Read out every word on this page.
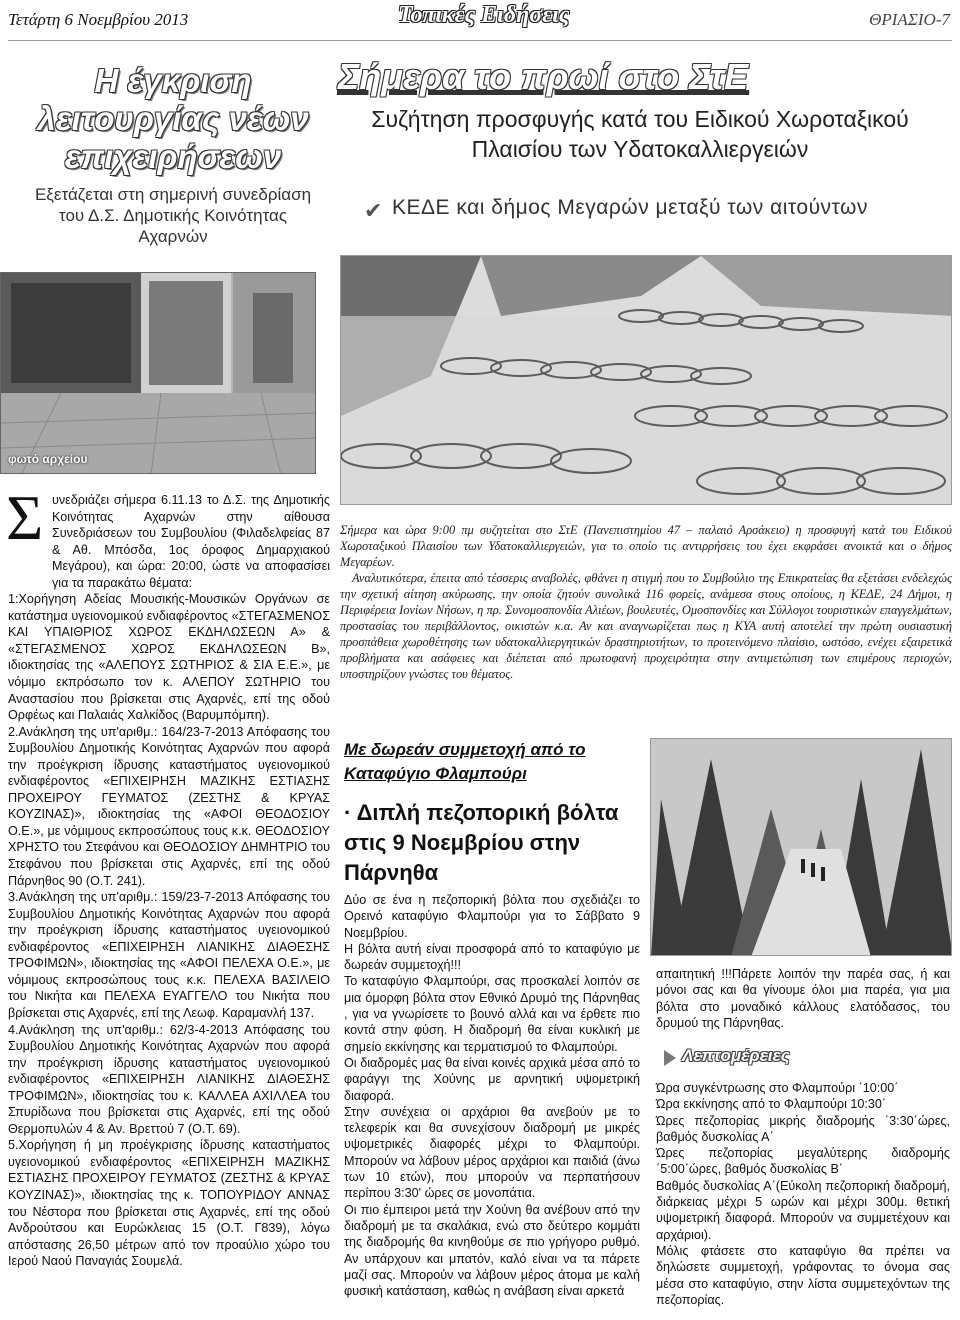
Τετάρτη 6 Νοεμβρίου 2013	Τοπικές Ειδήσεις	ΘΡΙΑΣΙΟ-7
Η έγκριση λειτουργίας νέων επιχειρήσεων
Εξετάζεται στη σημερινή συνεδρίαση του Δ.Σ. Δημοτικής Κοινότητας Αχαρνών
φωτό αρχείου
Σήμερα το πρωί στο ΣτΕ
Συζήτηση προσφυγής κατά του Ειδικού Χωροταξικού Πλαισίου των Υδατοκαλλιεργειών
✔ ΚΕΔΕ και δήμος Μεγαρών μεταξύ των αιτούντων
Σ υνεδριάζει σήμερα 6.11.13 το Δ.Σ. της Δημοτικής Κοινότητας Αχαρνών στην αίθουσα Συνεδριάσεων του Συμβουλίου (Φιλαδελφείας 87 & Αθ. Μπόσδα, 1ος όροφος Δημαρχιακού Μεγάρου), και ώρα: 20:00, ώστε να αποφασίσει για τα παρακάτω θέματα:

1:Χορήγηση Αδείας Μουσικής-Μουσικών Οργάνων σε κατάστημα υγειονομικού ενδιαφέροντος «ΣΤΕΓΑΣΜΕΝΟΣ ΚΑΙ ΥΠΑΙΘΡΙΟΣ ΧΩΡΟΣ ΕΚΔΗΛΩΣΕΩΝ Α» & «ΣΤΕΓΑΣΜΕΝΟΣ ΧΩΡΟΣ ΕΚΔΗΛΩΣΕΩΝ Β», ιδιοκτησίας της «ΑΛΕΠΟΥΣ ΣΩΤΗΡΙΟΣ & ΣΙΑ Ε.Ε.», με νόμιμο εκπρόσωπο τον κ. ΑΛΕΠΟΥ ΣΩΤΗΡΙΟ του Αναστασίου που βρίσκεται στις Αχαρνές, επί της οδού Ορφέως και Παλαιάς Χαλκίδος (Βαρυμπόμπη).

2.Ανάκληση της υπ'αριθμ.: 164/23-7-2013 Απόφασης του Συμβουλίου Δημοτικής Κοινότητας Αχαρνών που αφορά την προέγκριση ίδρυσης καταστήματος υγειονομικού ενδιαφέροντος «ΕΠΙΧΕΙΡΗΣΗ ΜΑΖΙΚΗΣ ΕΣΤΙΑΣΗΣ ΠΡΟΧΕΙΡΟΥ ΓΕΥΜΑΤΟΣ (ΖΕΣΤΗΣ & ΚΡΥΑΣ ΚΟΥΖΙΝΑΣ)», ιδιοκτησίας της «ΑΦΟΙ ΘΕΟΔΟΣΙΟΥ Ο.Ε.», με νόμιμους εκπροσώπους τους κ.κ. ΘΕΟΔΟΣΙΟΥ ΧΡΗΣΤΟ του Στεφάνου και ΘΕΟΔΟΣΙΟΥ ΔΗΜΗΤΡΙΟ του Στεφάνου που βρίσκεται στις Αχαρνές, επί της οδού Πάρνηθος 90 (Ο.Τ. 241).

3.Ανάκληση της υπ'αριθμ.: 159/23-7-2013 Απόφασης του Συμβουλίου Δημοτικής Κοινότητας Αχαρνών που αφορά την προέγκριση ίδρυσης καταστήματος υγειονομικού ενδιαφέροντος «ΕΠΙΧΕΙΡΗΣΗ ΛΙΑΝΙΚΗΣ ΔΙΑΘΕΣΗΣ ΤΡΟΦΙΜΩΝ», ιδιοκτησίας της «ΑΦΟΙ ΠΕΛΕΧΑ Ο.Ε.», με νόμιμους εκπροσώπους τους κ.κ. ΠΕΛΕΧΑ ΒΑΣΙΛΕΙΟ του Νικήτα και ΠΕΛΕΧΑ ΕΥΑΓΓΕΛΟ του Νικήτα που βρίσκεται στις Αχαρνές, επί της Λεωφ. Καραμανλή 137.

4.Ανάκληση της υπ'αριθμ.: 62/3-4-2013 Απόφασης του Συμβουλίου Δημοτικής Κοινότητας Αχαρνών που αφορά την προέγκριση ίδρυσης καταστήματος υγειονομικού ενδιαφέροντος «ΕΠΙΧΕΙΡΗΣΗ ΛΙΑΝΙΚΗΣ ΔΙΑΘΕΣΗΣ ΤΡΟΦΙΜΩΝ», ιδιοκτησίας του κ. ΚΑΛΛΕΑ ΑΧΙΛΛΕΑ του Σπυρίδωνα που βρίσκεται στις Αχαρνές, επί της οδού Θερμοπυλών 4 & Αν. Βρεττού 7 (Ο.Τ. 69).

5.Χορήγηση ή μη προέγκρισης ίδρυσης καταστήματος υγειονομικού ενδιαφέροντος «ΕΠΙΧΕΙΡΗΣΗ ΜΑΖΙΚΗΣ ΕΣΤΙΑΣΗΣ ΠΡΟΧΕΙΡΟΥ ΓΕΥΜΑΤΟΣ (ΖΕΣΤΗΣ & ΚΡΥΑΣ ΚΟΥΖΙΝΑΣ)», ιδιοκτησίας της κ. ΤΟΠΟΥΡΙΔΟΥ ΑΝΝΑΣ του Νέστορα που βρίσκεται στις Αχαρνές, επί της οδού Ανδρούτσου και Ευρώκλειας 15 (Ο.Τ. Γ839), λόγω απόστασης 26,50 μέτρων από τον προαύλιο χώρο του Ιερού Ναού Παναγιάς Σουμελά.

Σήμερα και ώρα 9:00 πμ συζητείται στο ΣτΕ (Πανεπιστημίου 47 – παλαιό Αρσάκειο) η προσφυγή κατά του Ειδικού Χωροταξικού Πλαισίου των Υδατοκαλλιεργειών, για το οποίο τις αντιρρήσεις του έχει εκφράσει ανοικτά και ο δήμος Μεγαρέων.

Αναλυτικότερα, έπειτα από τέσσερις αναβολές, φθάνει η στιγμή που το Συμβούλιο της Επικρατείας θα εξετάσει ενδελεχώς την σχετική αίτηση ακύρωσης, την οποία ζητούν συνολικά 116 φορείς, ανάμεσα στους οποίους, η ΚΕΔΕ, 24 Δήμοι, η Περιφέρεια Ιονίων Νήσων, η πρ. Συνομοσπονδία Αλιέων, βουλευτές, Ομοσπονδίες και Σύλλογοι τουριστικών επαγγελμάτων, προστασίας του περιβάλλοντος, οικιστών κ.α. Αν και αναγνωρίζεται πως η ΚΥΑ αυτή αποτελεί την πρώτη ουσιαστική προσπάθεια χωροθέτησης των υδατοκαλλιεργητικών δραστηριοτήτων, το προτεινόμενο πλαίσιο, ωστόσο, ενέχει εξαιρετικά προβλήματα και ασάφειες και διέπεται από πρωτοφανή προχειρότητα στην αντιμετώπιση των επιμέρους περιοχών, υποστηρίζουν γνώστες του θέματος.

Με δωρεάν συμμετοχή από το Καταφύγιο Φλαμπούρι
· Διπλή πεζοπορική βόλτα στις 9 Νοεμβρίου στην Πάρνηθα

Δύο σε ένα η πεζοπορική βόλτα που σχεδιάζει το Ορειvό καταφύγιο Φλαμπούρι για το Σάββατο 9 Νοεμβρίου.

Η βόλτα αυτή είναι προσφορά από το καταφύγιο με δωρεάν συμμετοχή!!!

Το καταφύγιο Φλαμπούρι, σας προσκαλεί λοιπόν σε μια όμορφη βόλτα στον Εθνικό Δρυμό της Πάρνηθας , για να γνωρίσετε το βουνό αλλά και να έρθετε πιο κοντά στην φύση. Η διαδρομή θα είναι κυκλική με σημείο εκκίνησης και τερματισμού το Φλαμπούρι.

Οι διαδρομές μας θα είναι κοινές αρχικά μέσα από το φαράγγι της Χούνης με αρνητική υψομετρική διαφορά.

Στην συνέχεια οι αρχάριοι θα ανεβούν με το τελεφερίκ και θα συνεχίσουν διαδρομή με μικρές υψομετρικές διαφορές μέχρι το Φλαμπούρι. Μπορούν να λάβουν μέρος αρχάριοι και παιδιά (άνω των 10 ετών), που μπορούν να περπατήσουν περίπου 3:30' ώρες σε μονοπάτια.

Οι πιο έμπειροι μετά την Χούνη θα ανέβουν από την διαδρομή με τα σκαλάκια, ενώ στο δεύτερο κομμάτι της διαδρομής θα κινηθούμε σε πιο γρήγορο ρυθμό. Αν υπάρχουν και μπατόν, καλό είναι να τα πάρετε μαζί σας. Μπορούν να λάβουν μέρος άτομα με καλή φυσική κατάσταση, καθώς η ανάβαση είναι αρκετά

απαιτητική !!!Πάρετε λοιπόν την παρέα σας, ή και μόνοι σας και θα γίνουμε όλοι μια παρέα, για μια βόλτα στο μοναδικό κάλλους ελατόδασος, του δρυμού της Πάρνηθας.

Λεπτομέρειες

Ώρα συγκέντρωσης στο Φλαμπούρι ΄10:00΄

Ώρα εκκίνησης από το Φλαμπούρι 10:30΄

Ώρες πεζοπορίας μικρής διαδρομής ΄3:30΄ώρες, βαθμός δυσκολίας Α΄

Ώρες πεζοπορίας μεγαλύτερης διαδρομής ΄5:00΄ώρες, βαθμός δυσκολίας Β΄

Βαθμός δυσκολίας Α΄(Εύκολη πεζοπορική διαδρομή, διάρκειας μέχρι 5 ωρών και μέχρι 300μ. θετική υψομετρική διαφορά. Μπορούν να συμμετέχουν και αρχάριοι).

Μόλις φτάσετε στο καταφύγιο θα πρέπει να δηλώσετε συμμετοχή, γράφοντας το όνομα σας μέσα στο καταφύγιο, στην λίστα συμμετεχόντων της πεζοπορίας.
